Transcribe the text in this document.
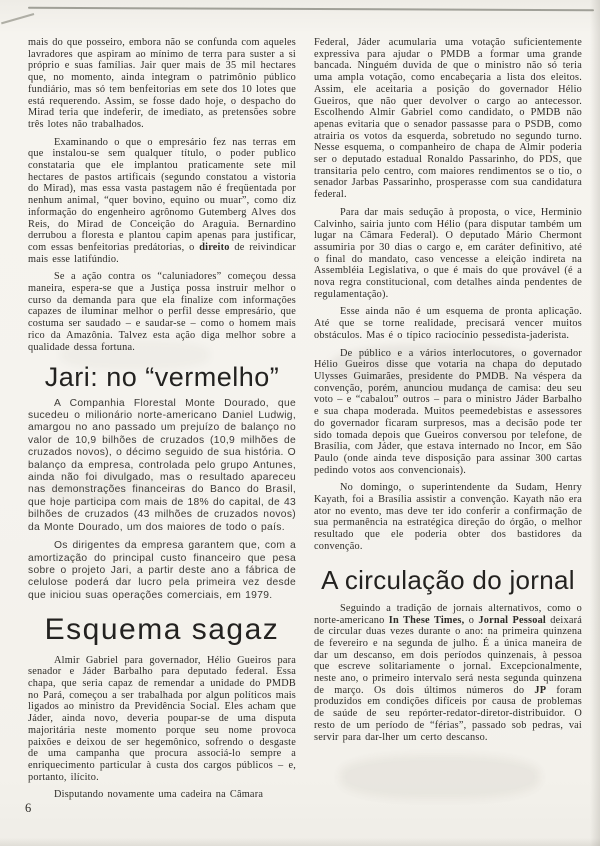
mais do que posseiro, embora não se confunda com aqueles lavradores que aspiram ao mínimo de terra para suster a si próprio e suas famílias. Jair quer mais de 35 mil hectares que, no momento, ainda integram o patrimônio público fundiário, mas só tem benfeitorias em sete dos 10 lotes que está requerendo. Assim, se fosse dado hoje, o despacho do Mirad teria que indeferir, de imediato, as pretensões sobre três lotes não trabalhados.

Examinando o que o empresário fez nas terras em que instalou-se sem qualquer título, o poder publico constataria que ele implantou praticamente sete mil hectares de pastos artificais (segundo constatou a vistoria do Mirad), mas essa vasta pastagem não é freqüentada por nenhum animal, “quer bovino, equino ou muar”, como diz informação do engenheiro agrônomo Gutemberg Alves dos Reis, do Mirad de Conceição do Araguia. Bernardino derrubou a floresta e plantou capim apenas para justificar, com essas benfeitorias predátorias, o direito de reivindicar mais esse latifúndio.

Se a ação contra os “caluniadores” começou dessa maneira, espera-se que a Justiça possa instruir melhor o curso da demanda para que ela finalize com informações capazes de iluminar melhor o perfil desse empresário, que costuma ser saudado – e saudar-se – como o homem mais rico da Amazônia. Talvez esta ação diga melhor sobre a qualidade dessa fortuna.

Jari: no “vermelho”

A Companhia Florestal Monte Dourado, que sucedeu o milionário norte-americano Daniel Ludwig, amargou no ano passado um prejuízo de balanço no valor de 10,9 bilhões de cruzados (10,9 milhões de cruzados novos), o décimo seguido de sua história. O balanço da empresa, controlada pelo grupo Antunes, ainda não foi divulgado, mas o resultado apareceu nas demonstrações financeiras do Banco do Brasil, que hoje participa com mais de 18% do capital, de 43 bilhões de cruzados (43 milhões de cruzados novos) da Monte Dourado, um dos maiores de todo o país.

Os dirigentes da empresa garantem que, com a amortização do principal custo financeiro que pesa sobre o projeto Jari, a partir deste ano a fábrica de celulose poderá dar lucro pela primeira vez desde que iniciou suas operações comerciais, em 1979.

Esquema sagaz

Almir Gabriel para governador, Hélio Gueiros para senador e Jáder Barbalho para deputado federal. Essa chapa, que seria capaz de remendar a unidade do PMDB no Pará, começou a ser trabalhada por algun políticos mais ligados ao ministro da Previdência Social. Eles acham que Jáder, ainda novo, deveria poupar-se de uma disputa majoritária neste momento porque seu nome provoca paixões e deixou de ser hegemônico, sofrendo o desgaste de uma campanha que procura associá-lo sempre a enriquecimento particular à custa dos cargos públicos – e, portanto, ilícito.

Disputando novamente uma cadeira na Câmara

Federal, Jáder acumularia uma votação suficientemente expressiva para ajudar o PMDB a formar uma grande bancada. Ninguém duvida de que o ministro não só teria uma ampla votação, como encabeçaria a lista dos eleitos. Assim, ele aceitaria a posição do governador Hélio Gueiros, que não quer devolver o cargo ao antecessor. Escolhendo Almir Gabriel como candidato, o PMDB não apenas evitaria que o senador passasse para o PSDB, como atrairia os votos da esquerda, sobretudo no segundo turno. Nesse esquema, o companheiro de chapa de Almir poderia ser o deputado estadual Ronaldo Passarinho, do PDS, que transitaria pelo centro, com maiores rendimentos se o tio, o senador Jarbas Passarinho, prosperasse com sua candidatura federal.

Para dar mais sedução à proposta, o vice, Herminio Calvinho, sairia junto com Hélio (para disputar também um lugar na Câmara Federal). O deputado Mário Chermont assumiria por 30 dias o cargo e, em caráter definitivo, até o final do mandato, caso vencesse a eleição indireta na Assembléia Legislativa, o que é mais do que provável (é a nova regra constitucional, com detalhes ainda pendentes de regulamentação).

Esse ainda não é um esquema de pronta aplicação. Até que se torne realidade, precisará vencer muitos obstáculos. Mas é o típico raciocínio pessedista-jaderista.

De público e a vários interlocutores, o governador Hélio Gueiros disse que votaria na chapa do deputado Ulysses Guimarães, presidente do PMDB. Na véspera da convenção, porém, anunciou mudança de camisa: deu seu voto – e “cabalou” outros – para o ministro Jáder Barbalho e sua chapa moderada. Muitos peemedebistas e assessores do governador ficaram surpresos, mas a decisão pode ter sido tomada depois que Gueiros conversou por telefone, de Brasília, com Jáder, que estava internado no Incor, em São Paulo (onde ainda teve disposição para assinar 300 cartas pedindo votos aos convencionais).

No domingo, o superintendente da Sudam, Henry Kayath, foi a Brasília assistir a convenção. Kayath não era ator no evento, mas deve ter ido conferir a confirmação de sua permanência na estratégica direção do órgão, o melhor resultado que ele poderia obter dos bastidores da convenção.

A circulação do jornal

Seguindo a tradição de jornais alternativos, como o norte-americano In These Times, o Jornal Pessoal deixará de circular duas vezes durante o ano: na primeira quinzena de fevereiro e na segunda de julho. É a única maneira de dar um descanso, em dois períodos quinzenais, à pessoa que escreve solitariamente o jornal. Excepcionalmente, neste ano, o primeiro intervalo será nesta segunda quinzena de março. Os dois últimos números do JP foram produzidos em condições difíceis por causa de problemas de saúde de seu repórter-redator-diretor-distribuidor. O resto de um período de “férias”, passado sob pedras, vai servir para dar-lher um certo descanso.

6
